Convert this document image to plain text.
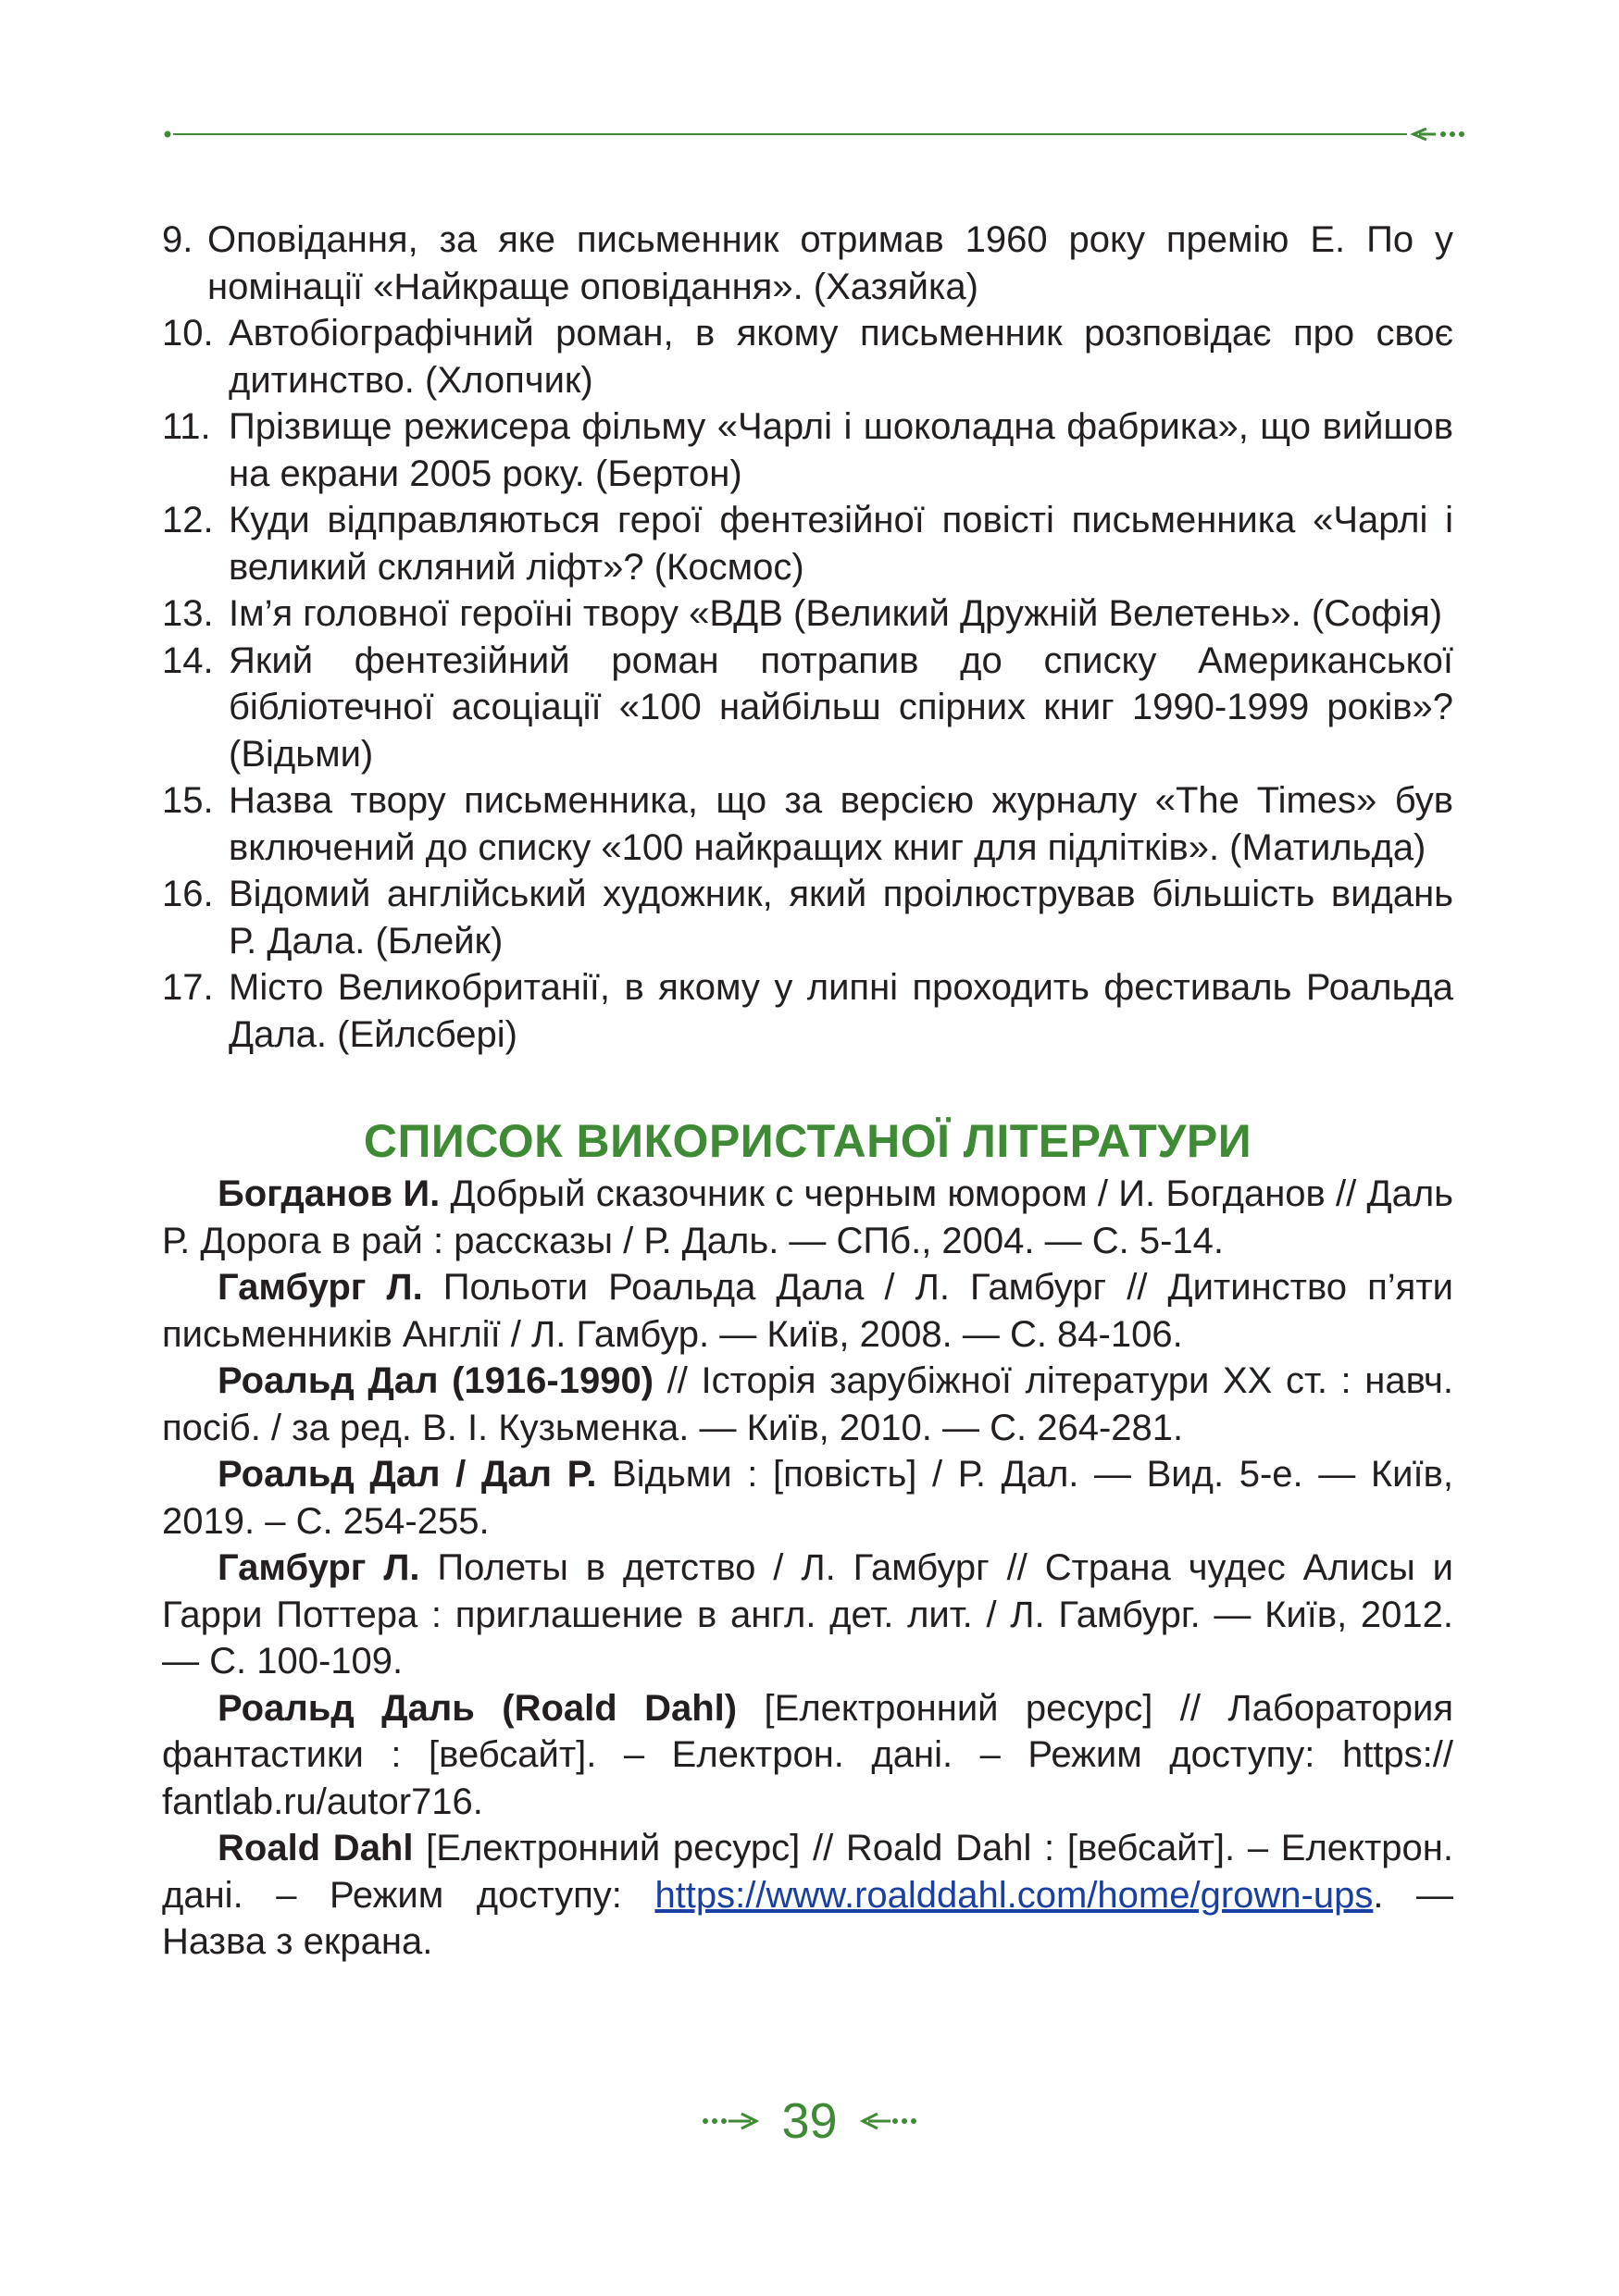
9. Оповідання, за яке письменник отримав 1960 року премію Е. По у номінації «Найкраще оповідання». (Хазяйка)
10. Автобіографічний роман, в якому письменник розповідає про своє дитинство. (Хлопчик)
11. Прізвище режисера фільму «Чарлі і шоколадна фабрика», що вийшов на екрани 2005 року. (Бертон)
12. Куди відправляються герої фентезійної повісті письменника «Чарлі і великий скляний ліфт»? (Космос)
13. Ім’я головної героїні твору «ВДВ (Великий Дружній Велетень». (Софія)
14. Який фентезійний роман потрапив до списку Американської бібліотечної асоціації «100 найбільш спірних книг 1990-1999 років»? (Відьми)
15. Назва твору письменника, що за версією журналу «The Times» був включений до списку «100 найкращих книг для підлітків». (Матильда)
16. Відомий англійський художник, який проілюстрував більшість видань Р. Дала. (Блейк)
17. Місто Великобританії, в якому у липні проходить фестиваль Роальда Дала. (Ейлсбері)
СПИСОК ВИКОРИСТАНОЇ ЛІТЕРАТУРИ

Богданов И. Добрый сказочник с черным юмором / И. Богданов // Даль Р. Дорога в рай : рассказы / Р. Даль. — СПб., 2004. — С. 5-14.

Гамбург Л. Польоти Роальда Дала / Л. Гамбург // Дитинство п’яти письменників Англії / Л. Гамбур. — Київ, 2008. — С. 84-106.

Роальд Дал (1916-1990) // Історія зарубіжної літератури ХХ ст. : навч. посіб. / за ред. В. І. Кузьменка. — Київ, 2010. — С. 264-281.

Роальд Дал / Дал Р. Відьми : [повість] / Р. Дал. — Вид. 5-е. — Київ, 2019. – С. 254-255.

Гамбург Л. Полеты в детство / Л. Гамбург // Страна чудес Алисы и Гарри Поттера : приглашение в англ. дет. лит. / Л. Гамбург. — Київ, 2012. — С. 100-109.

Роальд Даль (Roald Dahl) [Електронний ресурс] // Лаборатория фантастики : [вебсайт]. – Електрон. дані. – Режим доступу: https:// fantlab.ru/autor716.

Roald Dahl [Електронний ресурс] // Roald Dahl : [вебсайт]. – Електрон. дані. – Режим доступу: https://www.roalddahl.com/home/grown-ups. — Назва з екрана.

39
